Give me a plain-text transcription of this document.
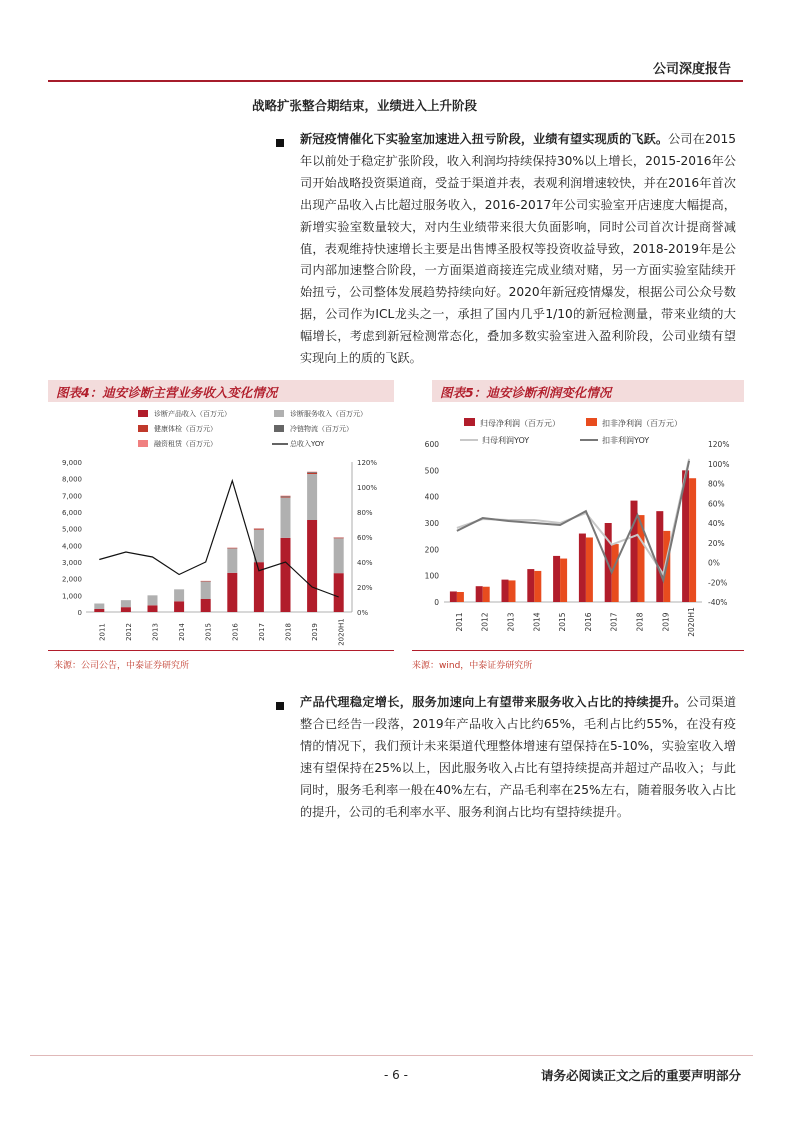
公司深度报告
战略扩张整合期结束，业绩进入上升阶段
新冠疫情催化下实验室加速进入扭亏阶段，业绩有望实现质的飞跃。公司在2015年以前处于稳定扩张阶段，收入利润均持续保持30%以上增长，2015-2016年公司开始战略投资渠道商，受益于渠道并表，表观利润增速较快，并在2016年首次出现产品收入占比超过服务收入，2016-2017年公司实验室开店速度大幅提高，新增实验室数量较大，对内生业绩带来很大负面影响，同时公司首次计提商誉减值，表观维持快速增长主要是出售博圣股权等投资收益导致，2018-2019年是公司内部加速整合阶段，一方面渠道商接连完成业绩对赌，另一方面实验室陆续开始扭亏，公司整体发展趋势持续向好。2020年新冠疫情爆发，根据公司公众号数据，公司作为ICL龙头之一，承担了国内几乎1/10的新冠检测量，带来业绩的大幅增长，考虑到新冠检测常态化，叠加多数实验室进入盈利阶段，公司业绩有望实现向上的质的飞跃。
图表4：迪安诊断主营业务收入变化情况
诊断产品收入（百万元）	诊断服务收入（百万元）
健康体检（百万元）	冷链物流（百万元）
融资租赁（百万元）	总收入YOY
0
1,000
2,000
3,000
4,000
5,000
6,000
7,000
8,000
9,000
0%
20%
40%
60%
80%
100%
120%
2011	2012	2013	2014	2015	2016	2017	2018	2019	2020H1
来源：公司公告，中泰证券研究所
图表5：迪安诊断利润变化情况
归母净利润（百万元）	扣非净利润（百万元）
归母利润YOY	扣非利润YOY
0
100
200
300
400
500
600
-40%
-20%
0%
20%
40%
60%
80%
100%
120%
2011 2012 2013 2014 2015 2016 2017 2018 2019 2020H1
来源：wind，中泰证券研究所
产品代理稳定增长，服务加速向上有望带来服务收入占比的持续提升。公司渠道整合已经告一段落，2019年产品收入占比约65%，毛利占比约55%，在没有疫情的情况下，我们预计未来渠道代理整体增速有望保持在5-10%，实验室收入增速有望保持在25%以上，因此服务收入占比有望持续提高并超过产品收入；与此同时，服务毛利率一般在40%左右，产品毛利率在25%左右，随着服务收入占比的提升，公司的毛利率水平、服务利润占比均有望持续提升。
- 6 -	请务必阅读正文之后的重要声明部分
